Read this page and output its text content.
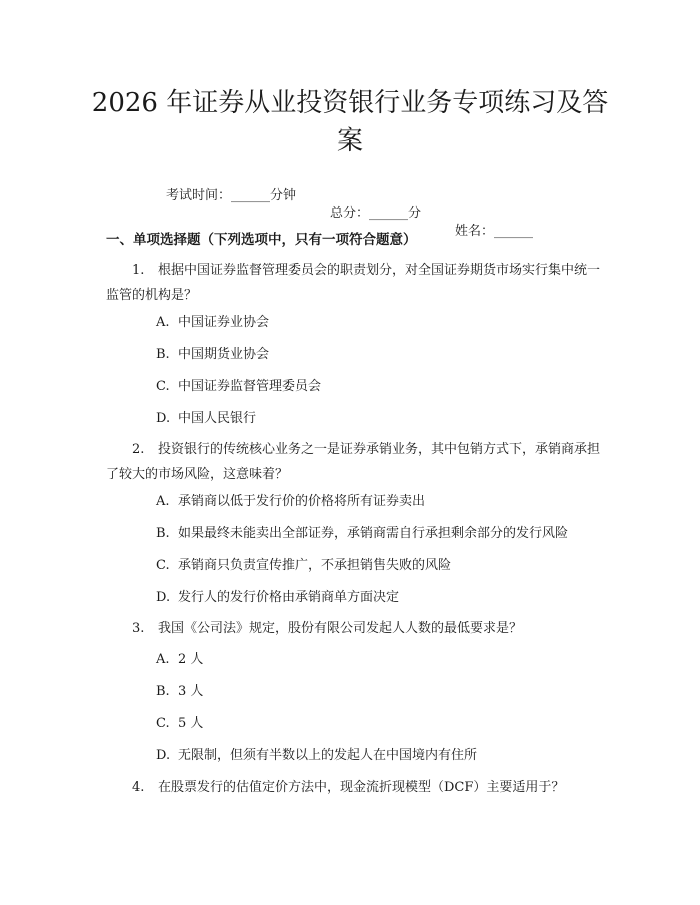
2026 年证券从业投资银行业务专项练习及答案

考试时间：______分钟

总分：______分

姓名：______

一、单项选择题（下列选项中，只有一项符合题意）
1. 根据中国证券监督管理委员会的职责划分，对全国证券期货市场实行集中统一监管的机构是？
A. 中国证券业协会
B. 中国期货业协会
C. 中国证券监督管理委员会
D. 中国人民银行
2. 投资银行的传统核心业务之一是证券承销业务，其中包销方式下，承销商承担了较大的市场风险，这意味着？
A. 承销商以低于发行价的价格将所有证券卖出
B. 如果最终未能卖出全部证券，承销商需自行承担剩余部分的发行风险
C. 承销商只负责宣传推广，不承担销售失败的风险
D. 发行人的发行价格由承销商单方面决定
3. 我国《公司法》规定，股份有限公司发起人人数的最低要求是？
A. 2 人
B. 3 人
C. 5 人
D. 无限制，但须有半数以上的发起人在中国境内有住所
4. 在股票发行的估值定价方法中，现金流折现模型（DCF）主要适用于？
